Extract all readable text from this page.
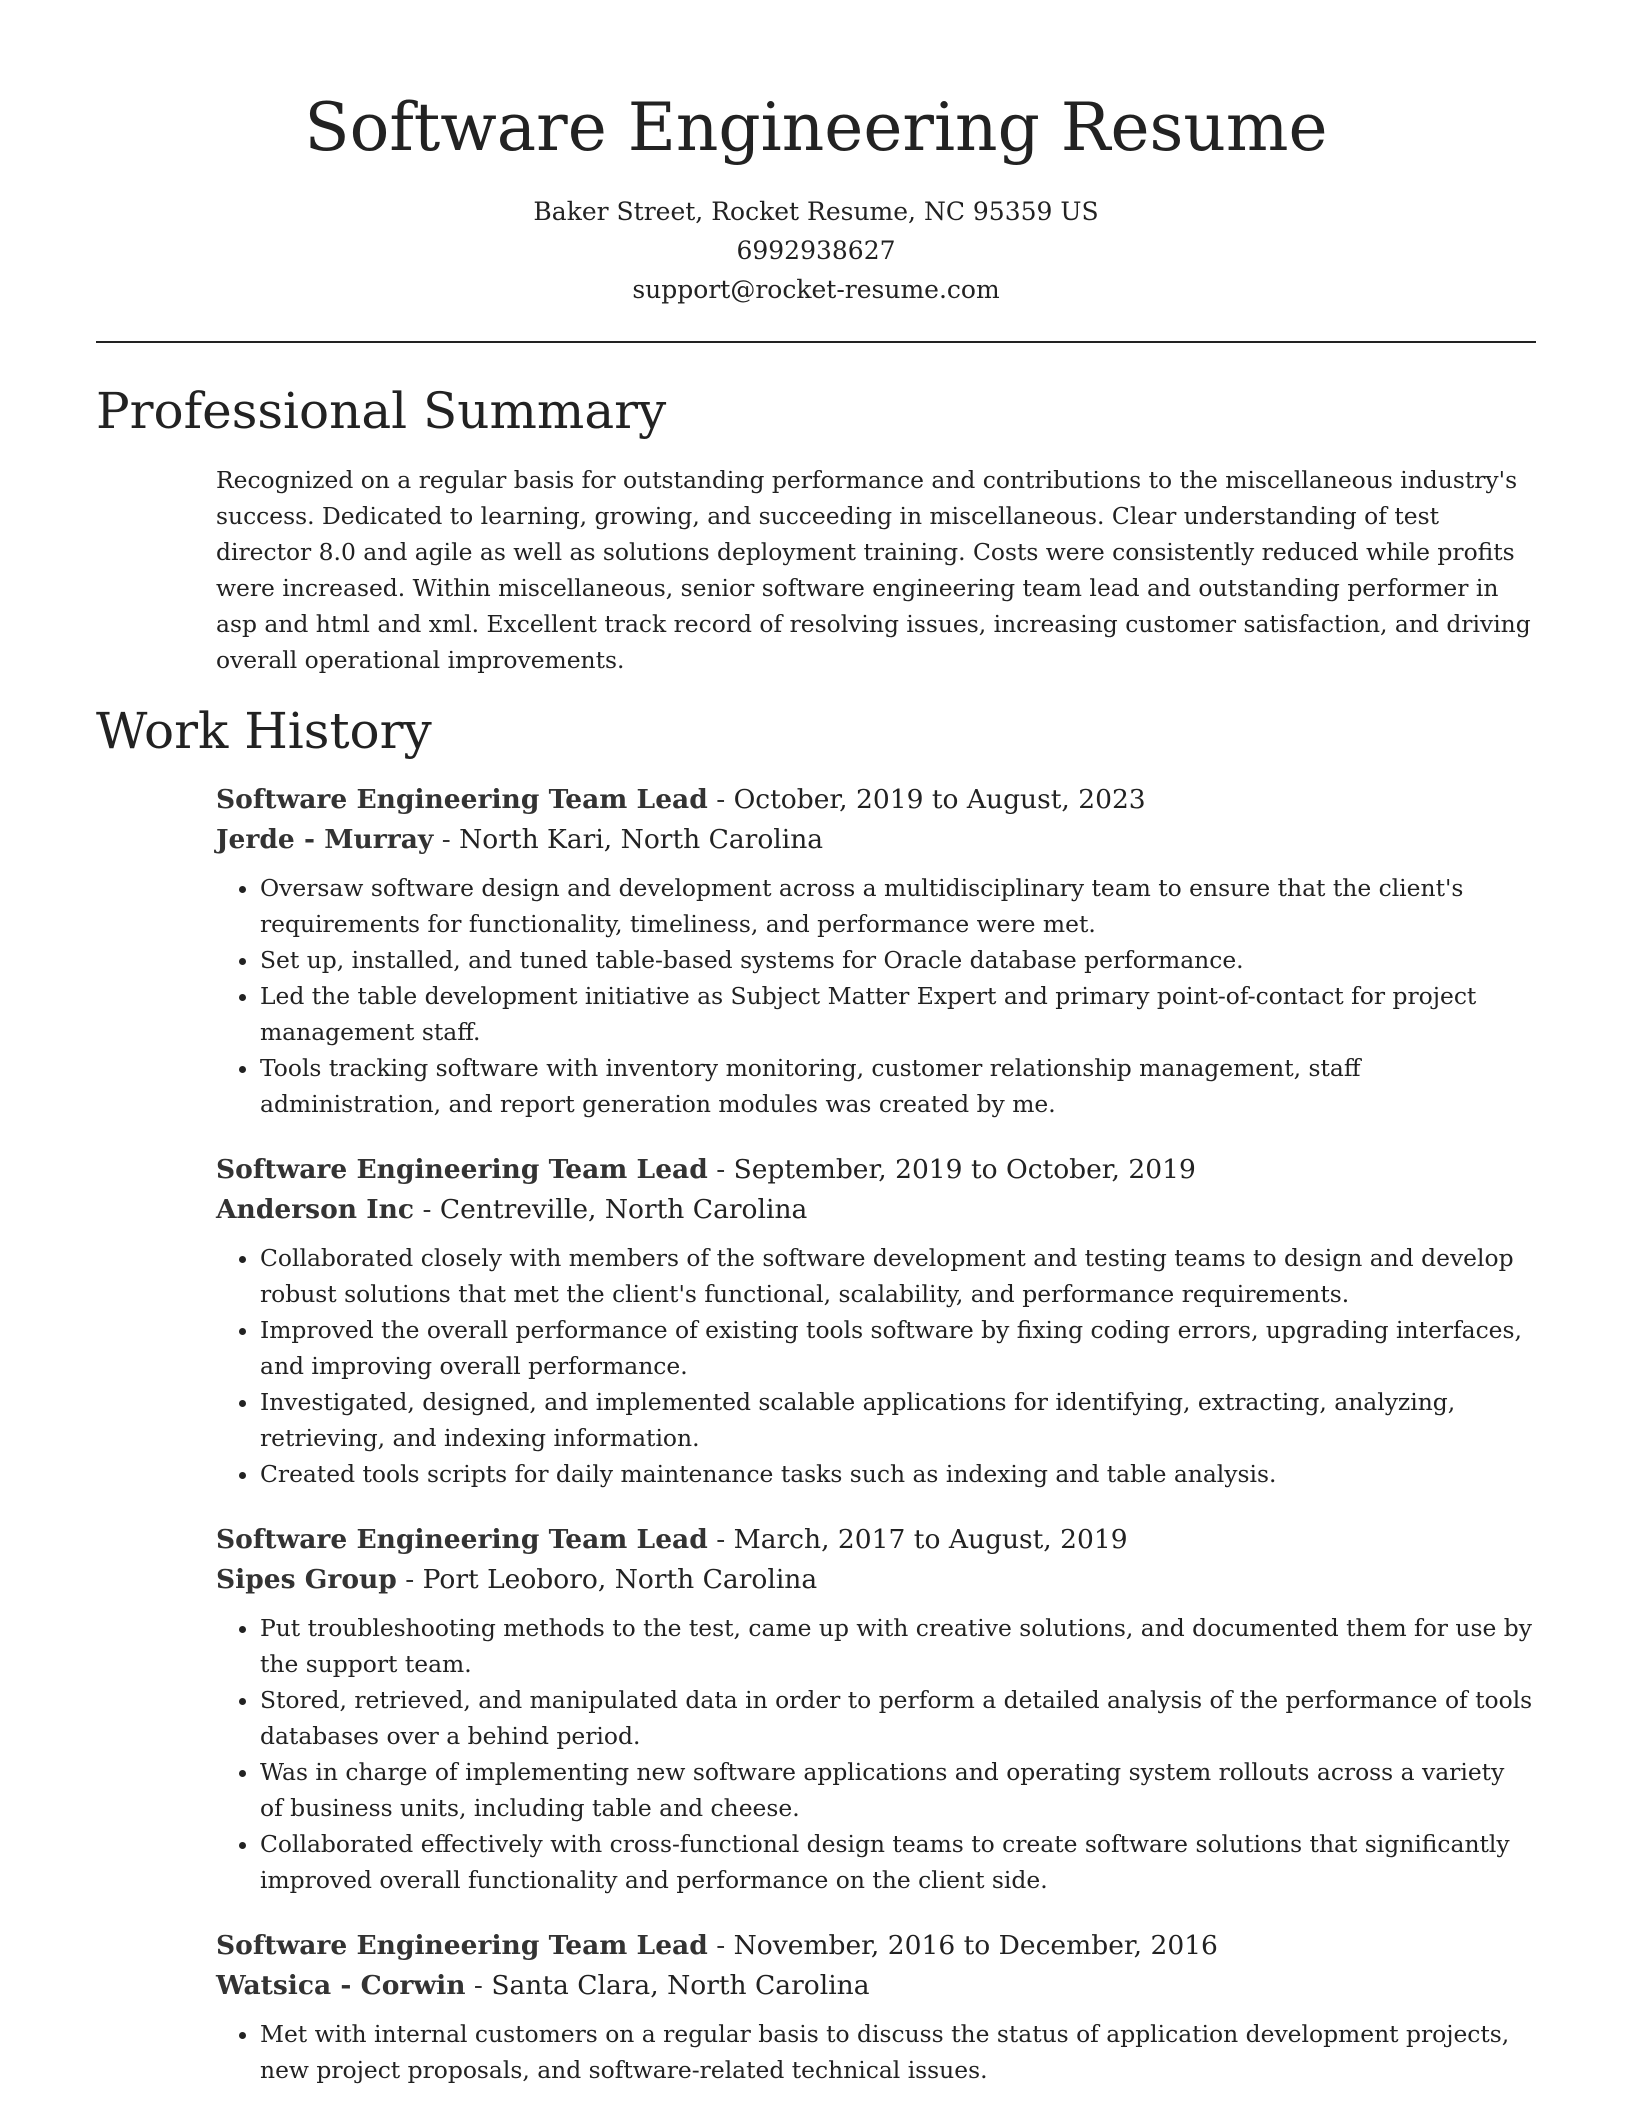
Software Engineering Resume
Baker Street, Rocket Resume, NC 95359 US
6992938627
support@rocket-resume.com
Professional Summary

Recognized on a regular basis for outstanding performance and contributions to the miscellaneous industry's success. Dedicated to learning, growing, and succeeding in miscellaneous. Clear understanding of test director 8.0 and agile as well as solutions deployment training. Costs were consistently reduced while profits were increased. Within miscellaneous, senior software engineering team lead and outstanding performer in asp and html and xml. Excellent track record of resolving issues, increasing customer satisfaction, and driving overall operational improvements.

Work History
Software Engineering Team Lead - October, 2019 to August, 2023
Jerde - Murray - North Kari, North Carolina
• Oversaw software design and development across a multidisciplinary team to ensure that the client's requirements for functionality, timeliness, and performance were met.
• Set up, installed, and tuned table-based systems for Oracle database performance.
• Led the table development initiative as Subject Matter Expert and primary point-of-contact for project management staff.
• Tools tracking software with inventory monitoring, customer relationship management, staff administration, and report generation modules was created by me.
Software Engineering Team Lead - September, 2019 to October, 2019
Anderson Inc - Centreville, North Carolina
• Collaborated closely with members of the software development and testing teams to design and develop robust solutions that met the client's functional, scalability, and performance requirements.
• Improved the overall performance of existing tools software by fixing coding errors, upgrading interfaces, and improving overall performance.
• Investigated, designed, and implemented scalable applications for identifying, extracting, analyzing, retrieving, and indexing information.
• Created tools scripts for daily maintenance tasks such as indexing and table analysis.
Software Engineering Team Lead - March, 2017 to August, 2019
Sipes Group - Port Leoboro, North Carolina
• Put troubleshooting methods to the test, came up with creative solutions, and documented them for use by the support team.
• Stored, retrieved, and manipulated data in order to perform a detailed analysis of the performance of tools databases over a behind period.
• Was in charge of implementing new software applications and operating system rollouts across a variety of business units, including table and cheese.
• Collaborated effectively with cross-functional design teams to create software solutions that significantly improved overall functionality and performance on the client side.
Software Engineering Team Lead - November, 2016 to December, 2016
Watsica - Corwin - Santa Clara, North Carolina
• Met with internal customers on a regular basis to discuss the status of application development projects, new project proposals, and software-related technical issues.
